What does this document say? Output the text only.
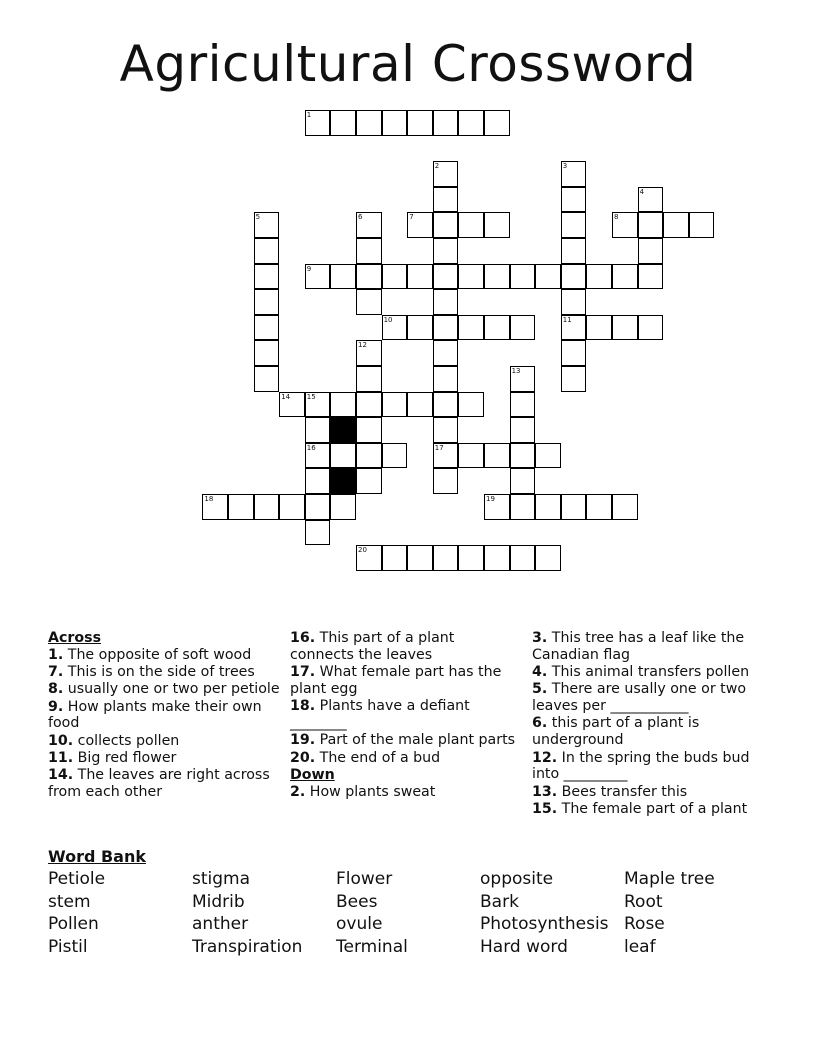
Agricultural Crossword
1
2
17
3
11
4
5	6	7	8
9
10
12
13
14 15
16
18	19
20
Across
1. The opposite of soft wood
7. This is on the side of trees
8. usually one or two per petiole
9. How plants make their own food
10. collects pollen
11. Big red flower
14. The leaves are right across from each other
16. This part of a plant connects the leaves
17. What female part has the plant egg
18. Plants have a defiant ________
19. Part of the male plant parts
20. The end of a bud
Down
2. How plants sweat
3. This tree has a leaf like the Canadian flag
4. This animal transfers pollen
5. There are usally one or two leaves per ___________
6. this part of a plant is underground
12. In the spring the buds bud into _________
13. Bees transfer this
15. The female part of a plant
Word Bank
Petiole	stigma	Flower	opposite	Maple tree
stem	Midrib	Bees	Bark	Root
Pollen	anther	ovule	Photosynthesis Rose
Pistil	Transpiration	Terminal	Hard word	leaf
